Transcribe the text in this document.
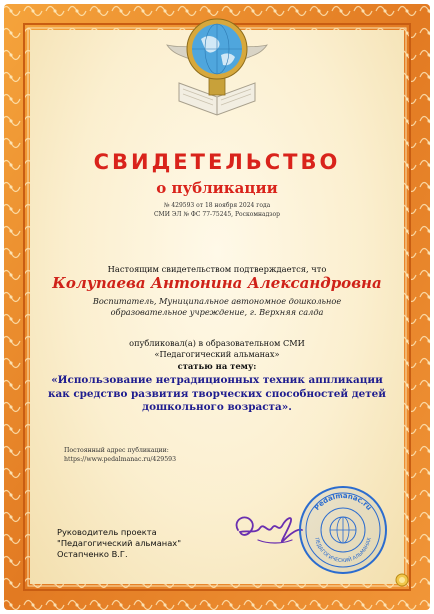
СВИДЕТЕЛЬСТВО
о публикации
№ 429593 от 18 ноября 2024 года
СМИ ЭЛ № ФС 77-75245, Роскомнадзор
Настоящим свидетельством подтверждается, что
Колупаева Антонина Александровна
Воспитатель, Муниципальное автономное дошкольное
образовательное учреждение, г. Верхняя салда
опубликовал(а) в образовательном СМИ
«Педагогический альманах»
статью на тему:
«Использование нетрадиционных техник аппликации
как средство развития творческих способностей детей
дошкольного возраста».
Постоянный адрес публикации:
https://www.pedalmanac.ru/429593
Руководитель проекта
"Педагогический альманах"
Остапченко В.Г.
Pedalmanac.ru
ПЕДАГОГИЧЕСКИЙ АЛЬМАНАХ
